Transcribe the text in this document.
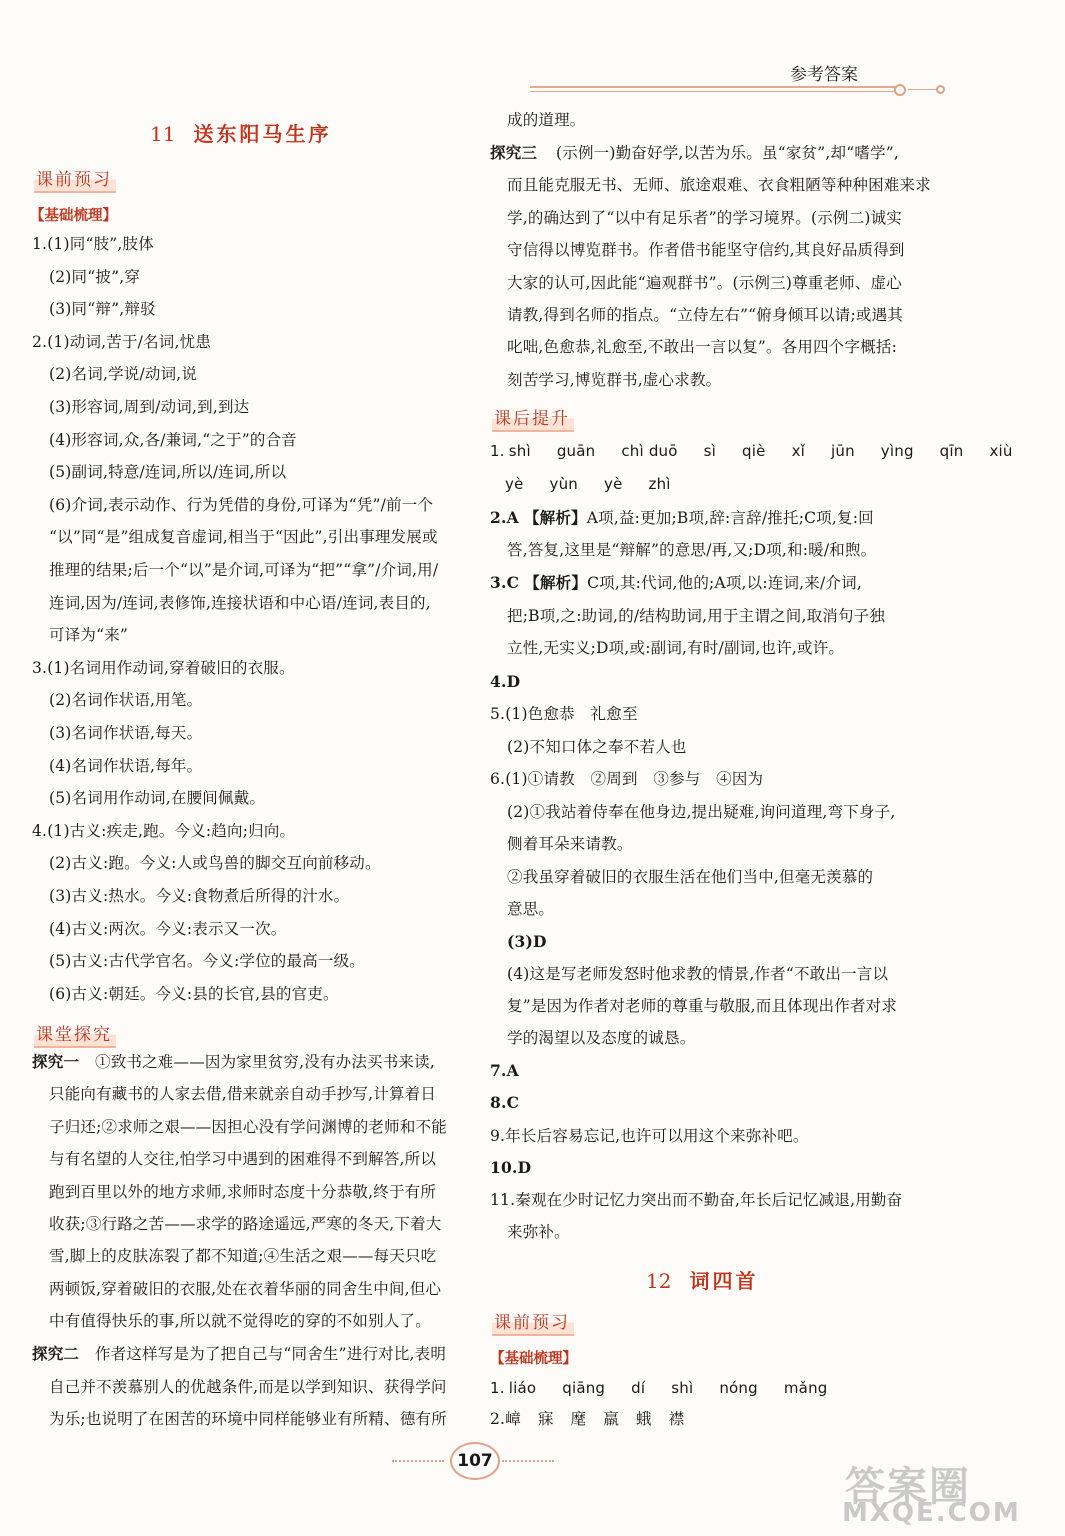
参考答案
11 送东阳马生序
课前预习
【基础梳理】
1.(1)同“肢”,肢体
(2)同“披”,穿
(3)同“辩”,辩驳
2.(1)动词,苦于/名词,忧患
(2)名词,学说/动词,说
(3)形容词,周到/动词,到,到达
(4)形容词,众,各/兼词,“之于”的合音
(5)副词,特意/连词,所以/连词,所以
(6)介词,表示动作、行为凭借的身份,可译为“凭”/前一个
“以”同“是”组成复音虚词,相当于“因此”,引出事理发展或
推理的结果;后一个“以”是介词,可译为“把”“拿”/介词,用/
连词,因为/连词,表修饰,连接状语和中心语/连词,表目的,
可译为“来”
3.(1)名词用作动词,穿着破旧的衣服。
(2)名词作状语,用笔。
(3)名词作状语,每天。
(4)名词作状语,每年。
(5)名词用作动词,在腰间佩戴。
4.(1)古义:疾走,跑。今义:趋向;归向。
(2)古义:跑。今义:人或鸟兽的脚交互向前移动。
(3)古义:热水。今义:食物煮后所得的汁水。
(4)古义:两次。今义:表示又一次。
(5)古义:古代学官名。今义:学位的最高一级。
(6)古义:朝廷。今义:县的长官,县的官吏。
课堂探究
探究一 ①致书之难——因为家里贫穷,没有办法买书来读,
只能向有藏书的人家去借,借来就亲自动手抄写,计算着日
子归还;②求师之艰——因担心没有学问渊博的老师和不能
与有名望的人交往,怕学习中遇到的困难得不到解答,所以
跑到百里以外的地方求师,求师时态度十分恭敬,终于有所
收获;③行路之苦——求学的路途遥远,严寒的冬天,下着大
雪,脚上的皮肤冻裂了都不知道;④生活之艰——每天只吃
两顿饭,穿着破旧的衣服,处在衣着华丽的同舍生中间,但心
中有值得快乐的事,所以就不觉得吃的穿的不如别人了。
探究二 作者这样写是为了把自己与“同舍生”进行对比,表明
自己并不羡慕别人的优越条件,而是以学到知识、获得学问
为乐;也说明了在困苦的环境中同样能够业有所精、德有所
成的道理。
探究三 (示例一)勤奋好学,以苦为乐。虽“家贫”,却“嗜学”,
而且能克服无书、无师、旅途艰难、衣食粗陋等种种困难来求
学,的确达到了“以中有足乐者”的学习境界。(示例二)诚实
守信得以博览群书。作者借书能坚守信约,其良好品质得到
大家的认可,因此能“遍观群书”。(示例三)尊重老师、虚心
请教,得到名师的指点。“立侍左右”“俯身倾耳以请;或遇其
叱咄,色愈恭,礼愈至,不敢出一言以复”。各用四个字概括:
刻苦学习,博览群书,虚心求教。
课后提升
1. shì guān chì duō sì qiè xǐ jūn yìng qīn xiù
yè yùn yè zhì
2.A 【解析】A项,益:更加;B项,辞:言辞/推托;C项,复:回
答,答复,这里是“辩解”的意思/再,又;D项,和:暖/和煦。
3.C 【解析】C项,其:代词,他的;A项,以:连词,来/介词,
把;B项,之:助词,的/结构助词,用于主谓之间,取消句子独
立性,无实义;D项,或:副词,有时/副词,也许,或许。
4.D
5.(1)色愈恭　礼愈至
(2)不知口体之奉不若人也
6.(1)①请教　②周到　③参与　④因为
(2)①我站着侍奉在他身边,提出疑难,询问道理,弯下身子,
侧着耳朵来请教。
②我虽穿着破旧的衣服生活在他们当中,但毫无羡慕的
意思。
(3)D
(4)这是写老师发怒时他求教的情景,作者“不敢出一言以
复”是因为作者对老师的尊重与敬服,而且体现出作者对求
学的渴望以及态度的诚恳。
7.A
8.C
9.年长后容易忘记,也许可以用这个来弥补吧。
10.D
11.秦观在少时记忆力突出而不勤奋,年长后记忆减退,用勤奋
来弥补。
12 词四首
课前预习
【基础梳理】
1. liáo qiāng dí shì nóng mǎng
2.嶂 寐 麾 羸 蛾 襟
107
答案圈
MXQE.COM
